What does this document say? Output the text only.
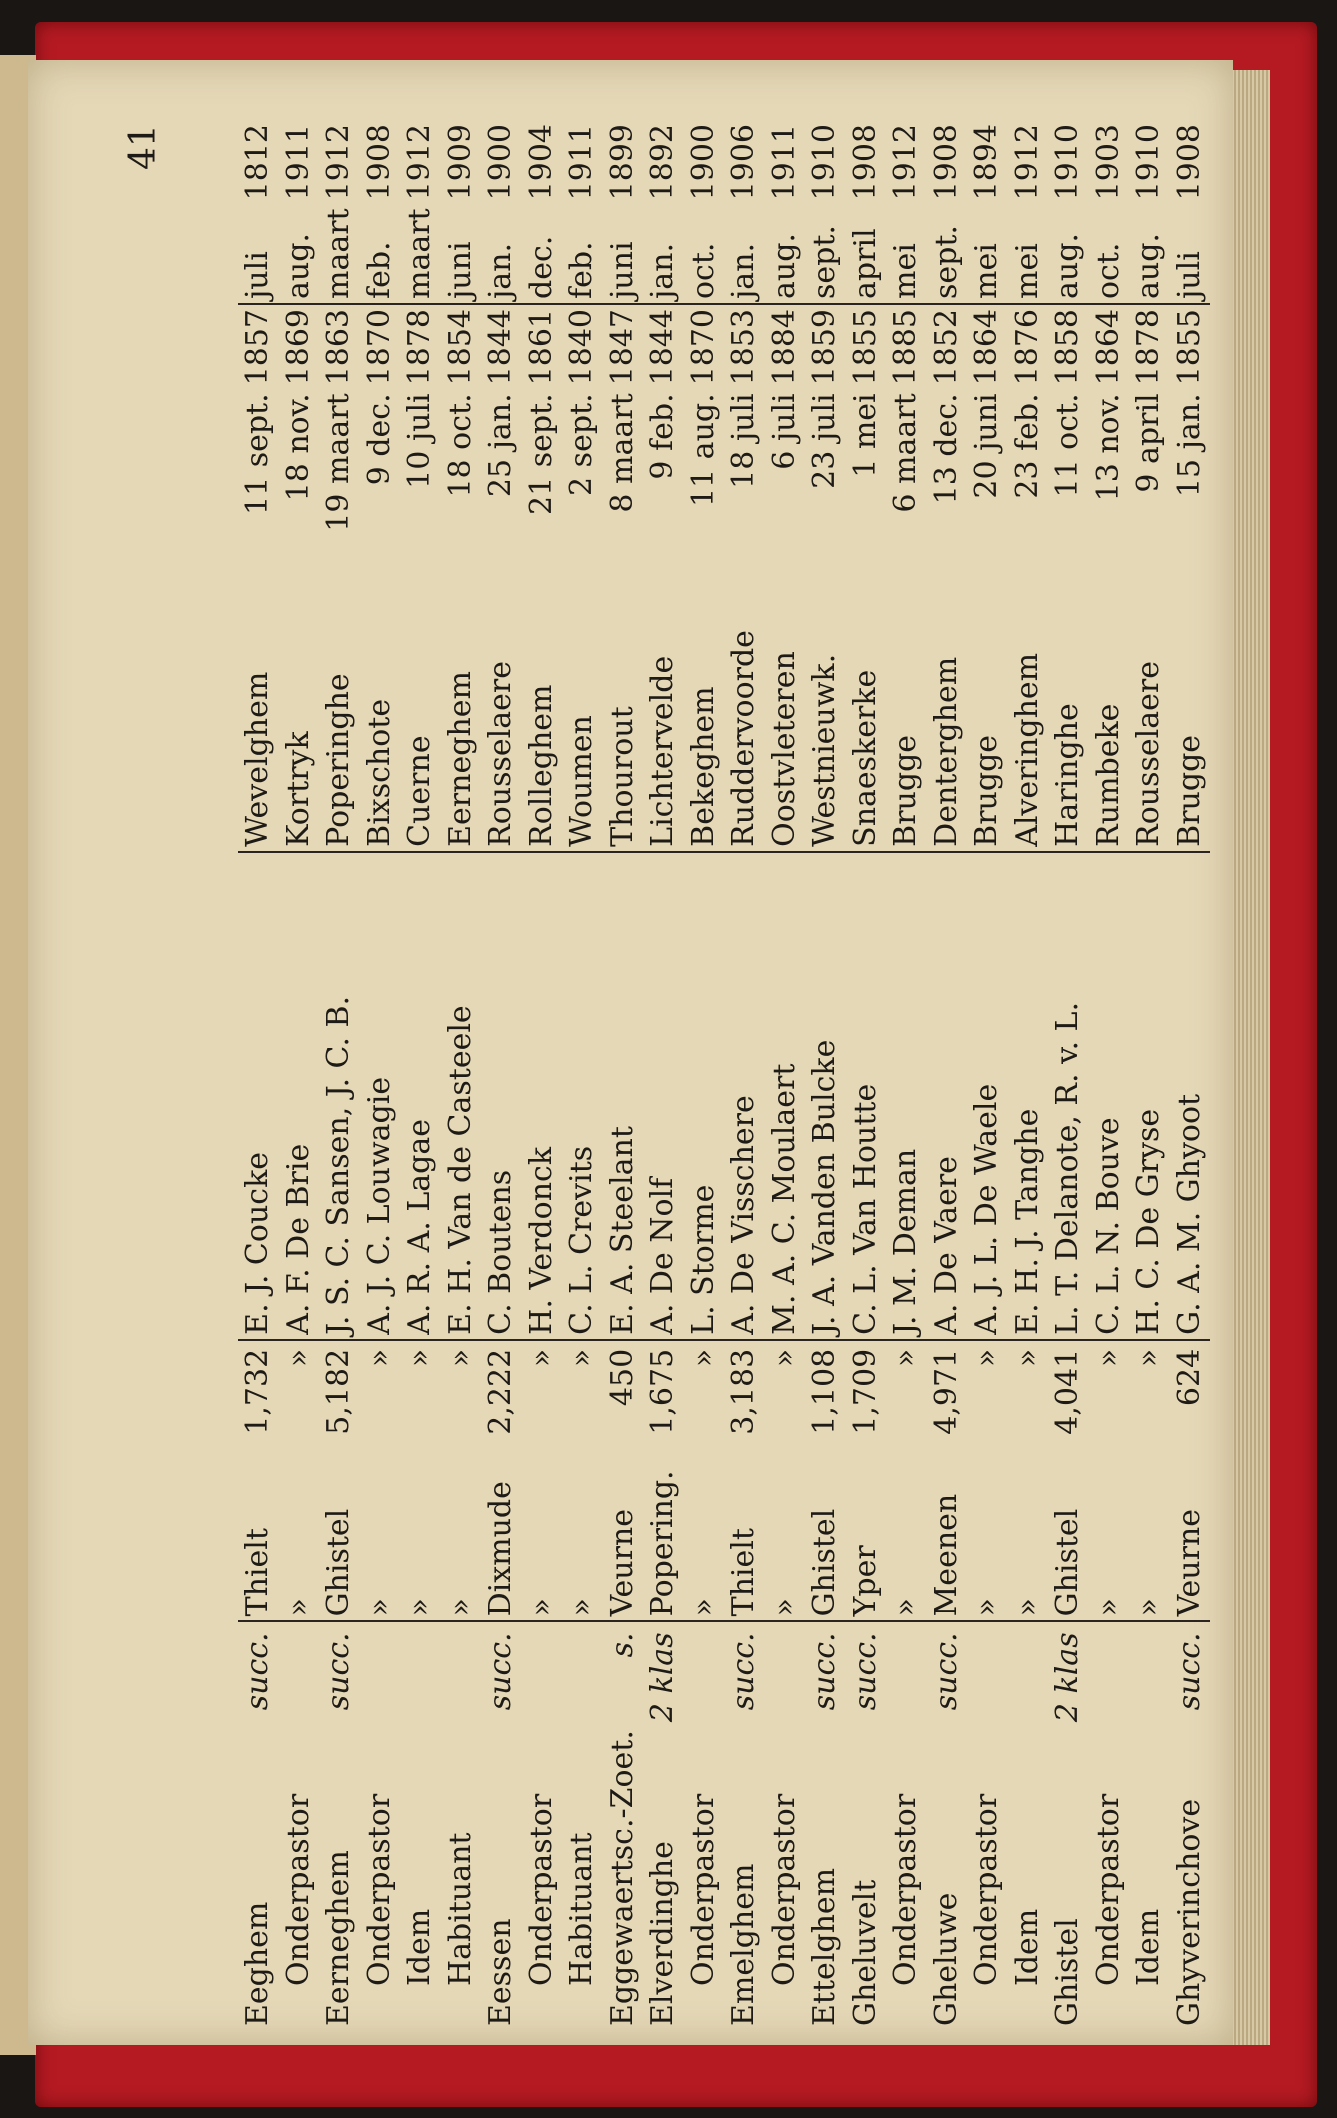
41
Eeghem	succ.	Thielt	1,732	E. J. Coucke	Wevelghem	11 sept.	1857	juli	1812
Onderpastor		»	»	A. F. De Brie	Kortryk	18 nov.	1869	aug.	1911
Eerneghem	succ.	Ghistel	5,182	J. S. C. Sansen, J. C. B.	Poperinghe	19 maart	1863	maart	1912
Onderpastor		»	»	A. J. C. Louwagie	Bixschote	9 dec.	1870	feb.	1908
Idem		»	»	A. R. A. Lagae	Cuerne	10 juli	1878	maart	1912
Habituant		»	»	E. H. Van de Casteele	Eerneghem	18 oct.	1854	juni	1909
Eessen	succ.	Dixmude	2,222	C. Boutens	Rousselaere	25 jan.	1844	jan.	1900
Onderpastor		»	»	H. Verdonck	Rolleghem	21 sept.	1861	dec.	1904
Habituant		»	»	C. L. Crevits	Woumen	2 sept.	1840	feb.	1911
Eggewaertsc.-Zoet.	s.	Veurne	450	E. A. Steelant	Thourout	8 maart	1847	juni	1899
Elverdinghe	2 klas	Popering.	1,675	A. De Nolf	Lichtervelde	9 feb.	1844	jan.	1892
Onderpastor		»	»	L. Storme	Bekeghem	11 aug.	1870	oct.	1900
Emelghem	succ.	Thielt	3,183	A. De Visschere	Ruddervoorde	18 juli	1853	jan.	1906
Onderpastor		»	»	M. A. C. Moulaert	Oostvleteren	6 juli	1884	aug.	1911
Ettelghem	succ.	Ghistel	1,108	J. A. Vanden Bulcke	Westnieuwk.	23 juli	1859	sept.	1910
Gheluvelt	succ.	Yper	1,709	C. L. Van Houtte	Snaeskerke	1 mei	1855	april	1908
Onderpastor		»	»	J. M. Deman	Brugge	6 maart	1885	mei	1912
Gheluwe	succ.	Meenen	4,971	A. De Vaere	Denterghem	13 dec.	1852	sept.	1908
Onderpastor		»	»	A. J. L. De Waele	Brugge	20 juni	1864	mei	1894
Idem		»	»	E. H. J. Tanghe	Alveringhem	23 feb.	1876	mei	1912
Ghistel	2 klas	Ghistel	4,041	L. T. Delanote, R. v. L.	Haringhe	11 oct.	1858	aug.	1910
Onderpastor		»	»	C. L. N. Bouve	Rumbeke	13 nov.	1864	oct.	1903
Idem		»	»	H. C. De Gryse	Rousselaere	9 april	1878	aug.	1910
Ghyverinchove	succ.	Veurne	624	G. A. M. Ghyoot	Brugge	15 jan.	1855	juli	1908
